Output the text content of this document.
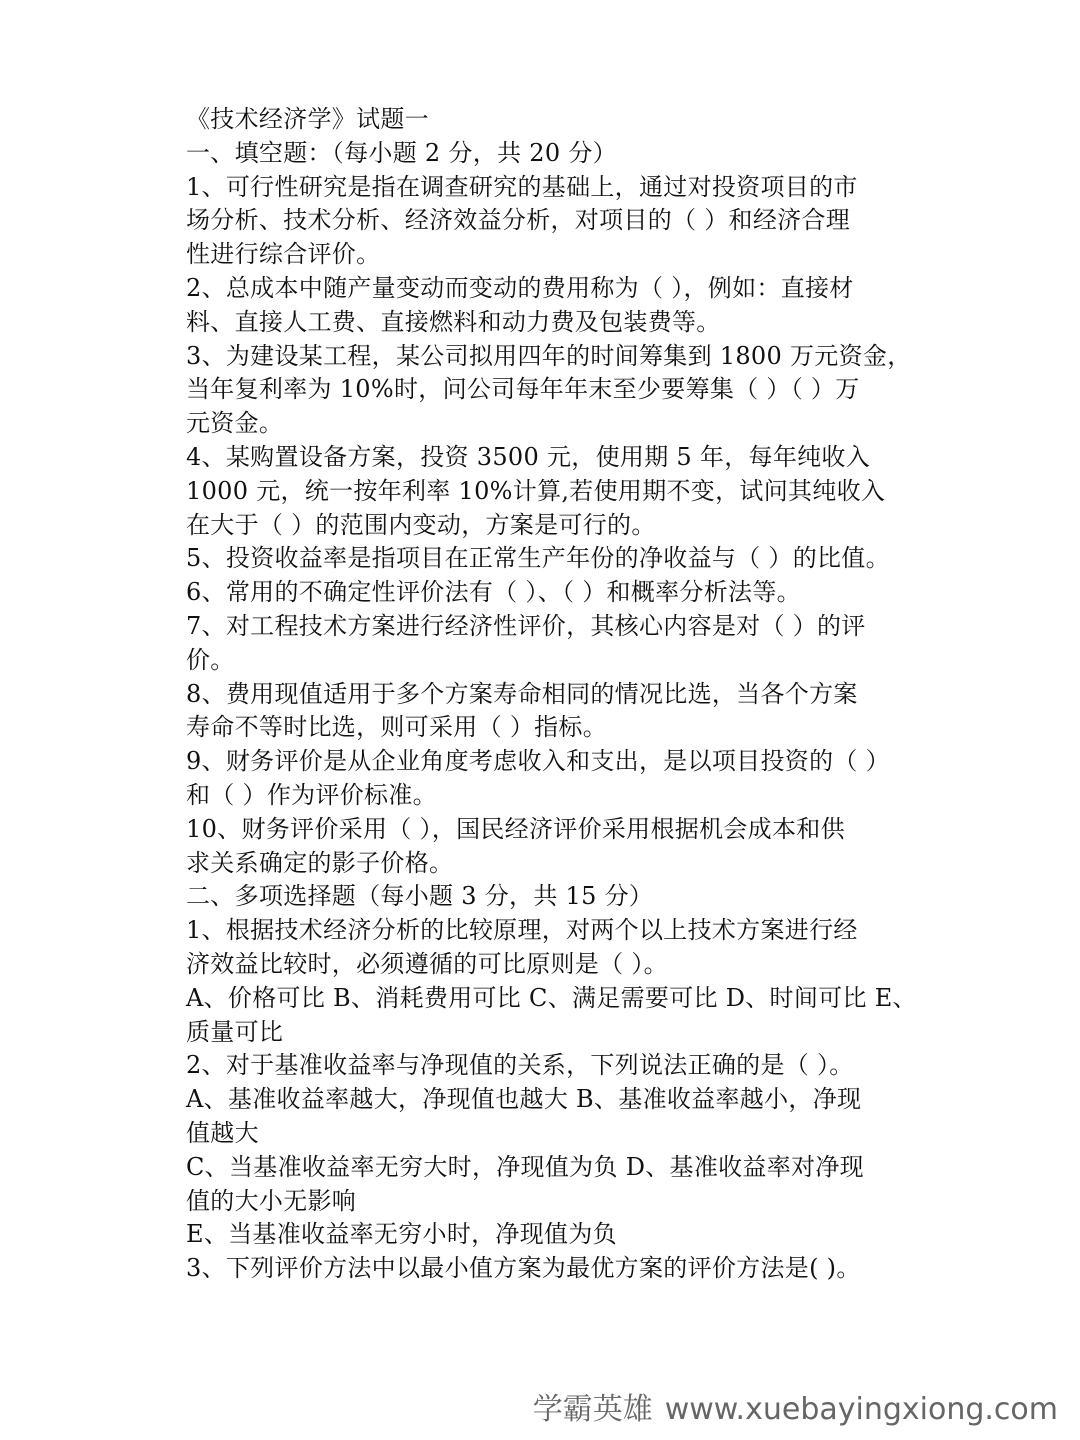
《技术经济学》试题一
一、填空题：（每小题 2 分，共 20 分）
1、可行性研究是指在调查研究的基础上，通过对投资项目的市
场分析、技术分析、经济效益分析，对项目的（ ）和经济合理
性进行综合评价。
2、总成本中随产量变动而变动的费用称为（ ），例如：直接材
料、直接人工费、直接燃料和动力费及包装费等。
3、为建设某工程，某公司拟用四年的时间筹集到 1800 万元资金，
当年复利率为 10%时，问公司每年年末至少要筹集（ ）（ ）万
元资金。
4、某购置设备方案，投资 3500 元，使用期 5 年，每年纯收入
1000 元，统一按年利率 10%计算,若使用期不变，试问其纯收入
在大于（ ）的范围内变动，方案是可行的。
5、投资收益率是指项目在正常生产年份的净收益与（ ）的比值。
6、常用的不确定性评价法有（ ）、（ ）和概率分析法等。
7、对工程技术方案进行经济性评价，其核心内容是对（ ）的评
价。
8、费用现值适用于多个方案寿命相同的情况比选，当各个方案
寿命不等时比选，则可采用（ ）指标。
9、财务评价是从企业角度考虑收入和支出，是以项目投资的（ ）
和（ ）作为评价标准。
10、财务评价采用（ ），国民经济评价采用根据机会成本和供
求关系确定的影子价格。
二、多项选择题（每小题 3 分，共 15 分）
1、根据技术经济分析的比较原理，对两个以上技术方案进行经
济效益比较时，必须遵循的可比原则是（ ）。
A、价格可比 B、消耗费用可比 C、满足需要可比 D、时间可比 E、
质量可比
2、对于基准收益率与净现值的关系，下列说法正确的是（ ）。
A、基准收益率越大，净现值也越大 B、基准收益率越小，净现
值越大
C、当基准收益率无穷大时，净现值为负 D、基准收益率对净现
值的大小无影响
E、当基准收益率无穷小时，净现值为负
3、下列评价方法中以最小值方案为最优方案的评价方法是( )。
学霸英雄 www.xuebayingxiong.com
